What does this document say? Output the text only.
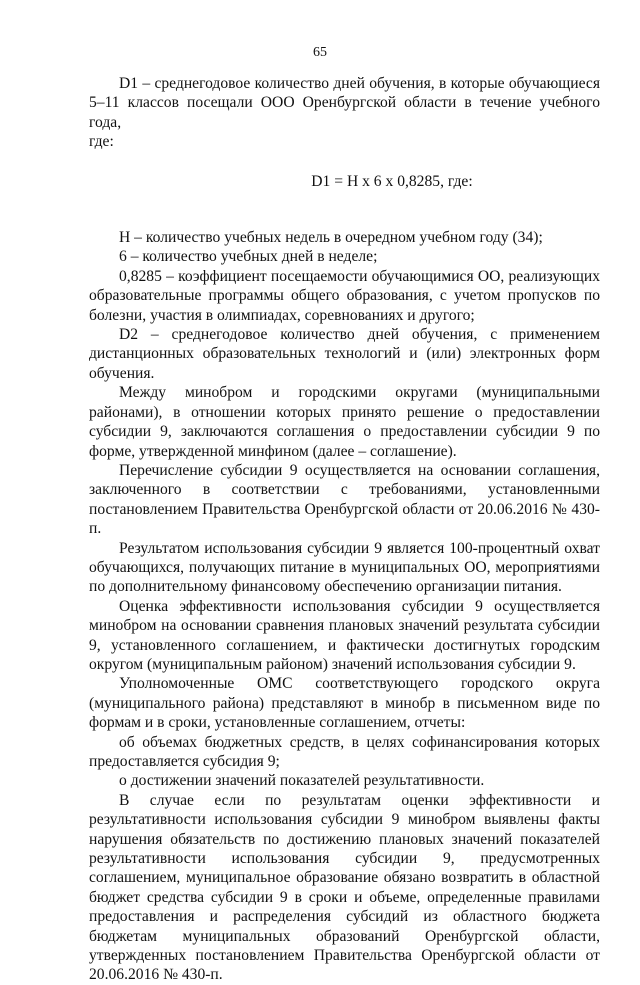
65

D1 – среднегодовое количество дней обучения, в которые обучающиеся 5–11 классов посещали ООО Оренбургской области в течение учебного года,

где:

D1 = Н х 6 х 0,8285, где:

Н – количество учебных недель в очередном учебном году (34);

6 – количество учебных дней в неделе;

0,8285 – коэффициент посещаемости обучающимися ОО, реализующих образовательные программы общего образования, с учетом пропусков по болезни, участия в олимпиадах, соревнованиях и другого;

D2 – среднегодовое количество дней обучения, с применением дистанционных образовательных технологий и (или) электронных форм обучения.

Между минобром и городскими округами (муниципальными районами), в отношении которых принято решение о предоставлении субсидии 9, заключаются соглашения о предоставлении субсидии 9 по форме, утвержденной минфином (далее – соглашение).

Перечисление субсидии 9 осуществляется на основании соглашения, заключенного в соответствии с требованиями, установленными постановлением Правительства Оренбургской области от 20.06.2016 № 430-п.

Результатом использования субсидии 9 является 100-процентный охват обучающихся, получающих питание в муниципальных ОО, мероприятиями по дополнительному финансовому обеспечению организации питания.

Оценка эффективности использования субсидии 9 осуществляется минобром на основании сравнения плановых значений результата субсидии 9, установленного соглашением, и фактически достигнутых городским округом (муниципальным районом) значений использования субсидии 9.

Уполномоченные ОМС соответствующего городского округа (муниципального района) представляют в минобр в письменном виде по формам и в сроки, установленные соглашением, отчеты:

об объемах бюджетных средств, в целях софинансирования которых предоставляется субсидия 9;

о достижении значений показателей результативности.

В случае если по результатам оценки эффективности и результативности использования субсидии 9 минобром выявлены факты нарушения обязательств по достижению плановых значений показателей результативности использования субсидии 9, предусмотренных соглашением, муниципальное образование обязано возвратить в областной бюджет средства субсидии 9 в сроки и объеме, определенные правилами предоставления и распределения субсидий из областного бюджета бюджетам муниципальных образований Оренбургской области, утвержденных постановлением Правительства Оренбургской области от 20.06.2016 № 430-п.
